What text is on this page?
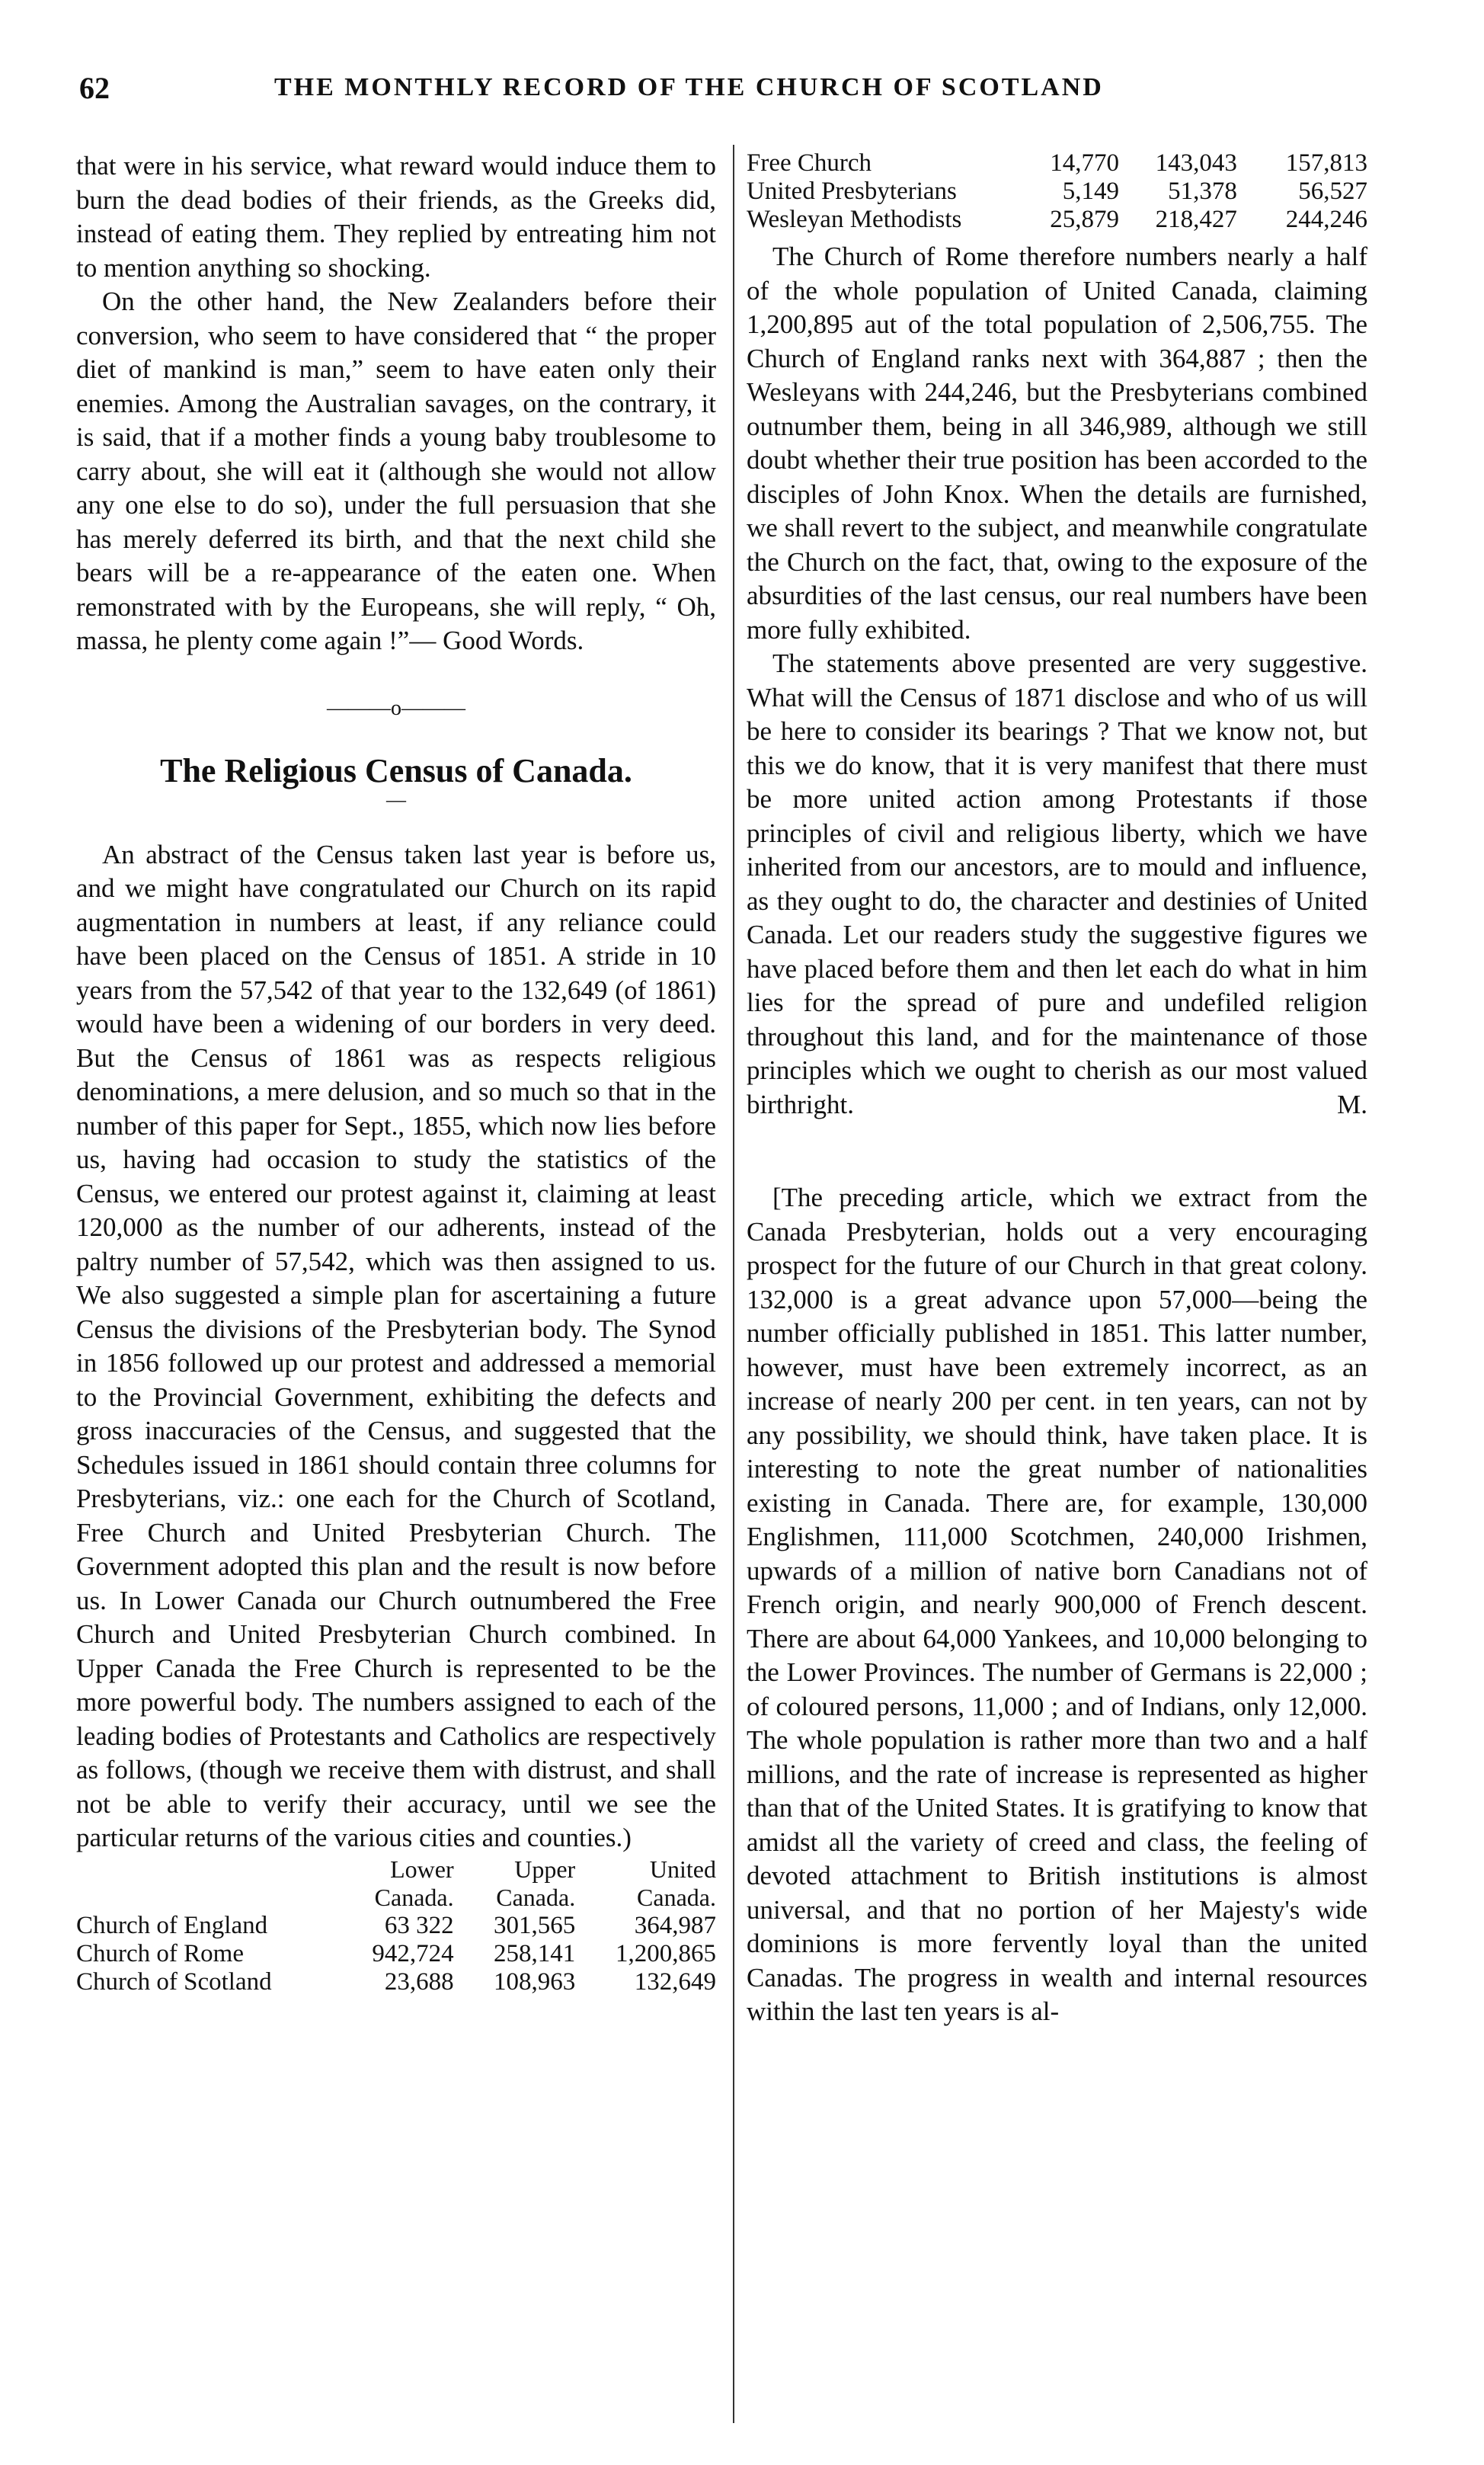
62	THE MONTHLY RECORD OF THE CHURCH OF SCOTLAND

that were in his service, what reward would induce them to burn the dead bodies of their friends, as the Greeks did, instead of eating them. They replied by entreating him not to mention anything so shocking.

On the other hand, the New Zealanders before their conversion, who seem to have considered that “ the proper diet of mankind is man,” seem to have eaten only their enemies. Among the Australian savages, on the contrary, it is said, that if a mother finds a young baby troublesome to carry about, she will eat it (although she would not allow any one else to do so), under the full persuasion that she has merely deferred its birth, and that the next child she bears will be a re-appearance of the eaten one. When remonstrated with by the Europeans, she will reply, “ Oh, massa, he plenty come again !”— Good Words.

———o———
The Religious Census of Canada.
—

An abstract of the Census taken last year is before us, and we might have congratulated our Church on its rapid augmentation in numbers at least, if any reliance could have been placed on the Census of 1851. A stride in 10 years from the 57,542 of that year to the 132,649 (of 1861) would have been a widening of our borders in very deed. But the Census of 1861 was as respects religious denominations, a mere delusion, and so much so that in the number of this paper for Sept., 1855, which now lies before us, having had occasion to study the statistics of the Census, we entered our protest against it, claiming at least 120,000 as the number of our adherents, instead of the paltry number of 57,542, which was then assigned to us. We also suggested a simple plan for ascertaining a future Census the divisions of the Presbyterian body. The Synod in 1856 followed up our protest and addressed a memorial to the Provincial Government, exhibiting the defects and gross inaccuracies of the Census, and suggested that the Schedules issued in 1861 should contain three columns for Presbyterians, viz.: one each for the Church of Scotland, Free Church and United Presbyterian Church. The Government adopted this plan and the result is now before us. In Lower Canada our Church outnumbered the Free Church and United Presbyterian Church combined. In Upper Canada the Free Church is represented to be the more powerful body. The numbers assigned to each of the leading bodies of Protestants and Catholics are respectively as follows, (though we receive them with distrust, and shall not be able to verify their accuracy, until we see the particular returns of the various cities and counties.)

	Lower Canada.	Upper Canada.	United Canada.
Church of England	63 322	301,565	364,987
Church of Rome	942,724	258,141	1,200,865
Church of Scotland	23,688	108,963	132,649
Free Church	14,770	143,043	157,813
United Presbyterians	5,149	51,378	56,527
Wesleyan Methodists	25,879	218,427	244,246

The Church of Rome therefore numbers nearly a half of the whole population of United Canada, claiming 1,200,895 aut of the total population of 2,506,755. The Church of England ranks next with 364,887 ; then the Wesleyans with 244,246, but the Presbyterians combined outnumber them, being in all 346,989, although we still doubt whether their true position has been accorded to the disciples of John Knox. When the details are furnished, we shall revert to the subject, and meanwhile congratulate the Church on the fact, that, owing to the exposure of the absurdities of the last census, our real numbers have been more fully exhibited.

The statements above presented are very suggestive. What will the Census of 1871 disclose and who of us will be here to consider its bearings ? That we know not, but this we do know, that it is very manifest that there must be more united action among Protestants if those principles of civil and religious liberty, which we have inherited from our ancestors, are to mould and influence, as they ought to do, the character and destinies of United Canada. Let our readers study the suggestive figures we have placed before them and then let each do what in him lies for the spread of pure and undefiled religion throughout this land, and for the maintenance of those principles which we ought to cherish as our most valued birthright.	M.

[The preceding article, which we extract from the Canada Presbyterian, holds out a very encouraging prospect for the future of our Church in that great colony. 132,000 is a great advance upon 57,000—being the number officially published in 1851. This latter number, however, must have been extremely incorrect, as an increase of nearly 200 per cent. in ten years, can not by any possibility, we should think, have taken place. It is interesting to note the great number of nationalities existing in Canada. There are, for example, 130,000 Englishmen, 111,000 Scotchmen, 240,000 Irishmen, upwards of a million of native born Canadians not of French origin, and nearly 900,000 of French descent. There are about 64,000 Yankees, and 10,000 belonging to the Lower Provinces. The number of Germans is 22,000 ; of coloured persons, 11,000 ; and of Indians, only 12,000. The whole population is rather more than two and a half millions, and the rate of increase is represented as higher than that of the United States. It is gratifying to know that amidst all the variety of creed and class, the feeling of devoted attachment to British institutions is almost universal, and that no portion of her Majesty's wide dominions is more fervently loyal than the united Canadas. The progress in wealth and internal resources within the last ten years is al-
